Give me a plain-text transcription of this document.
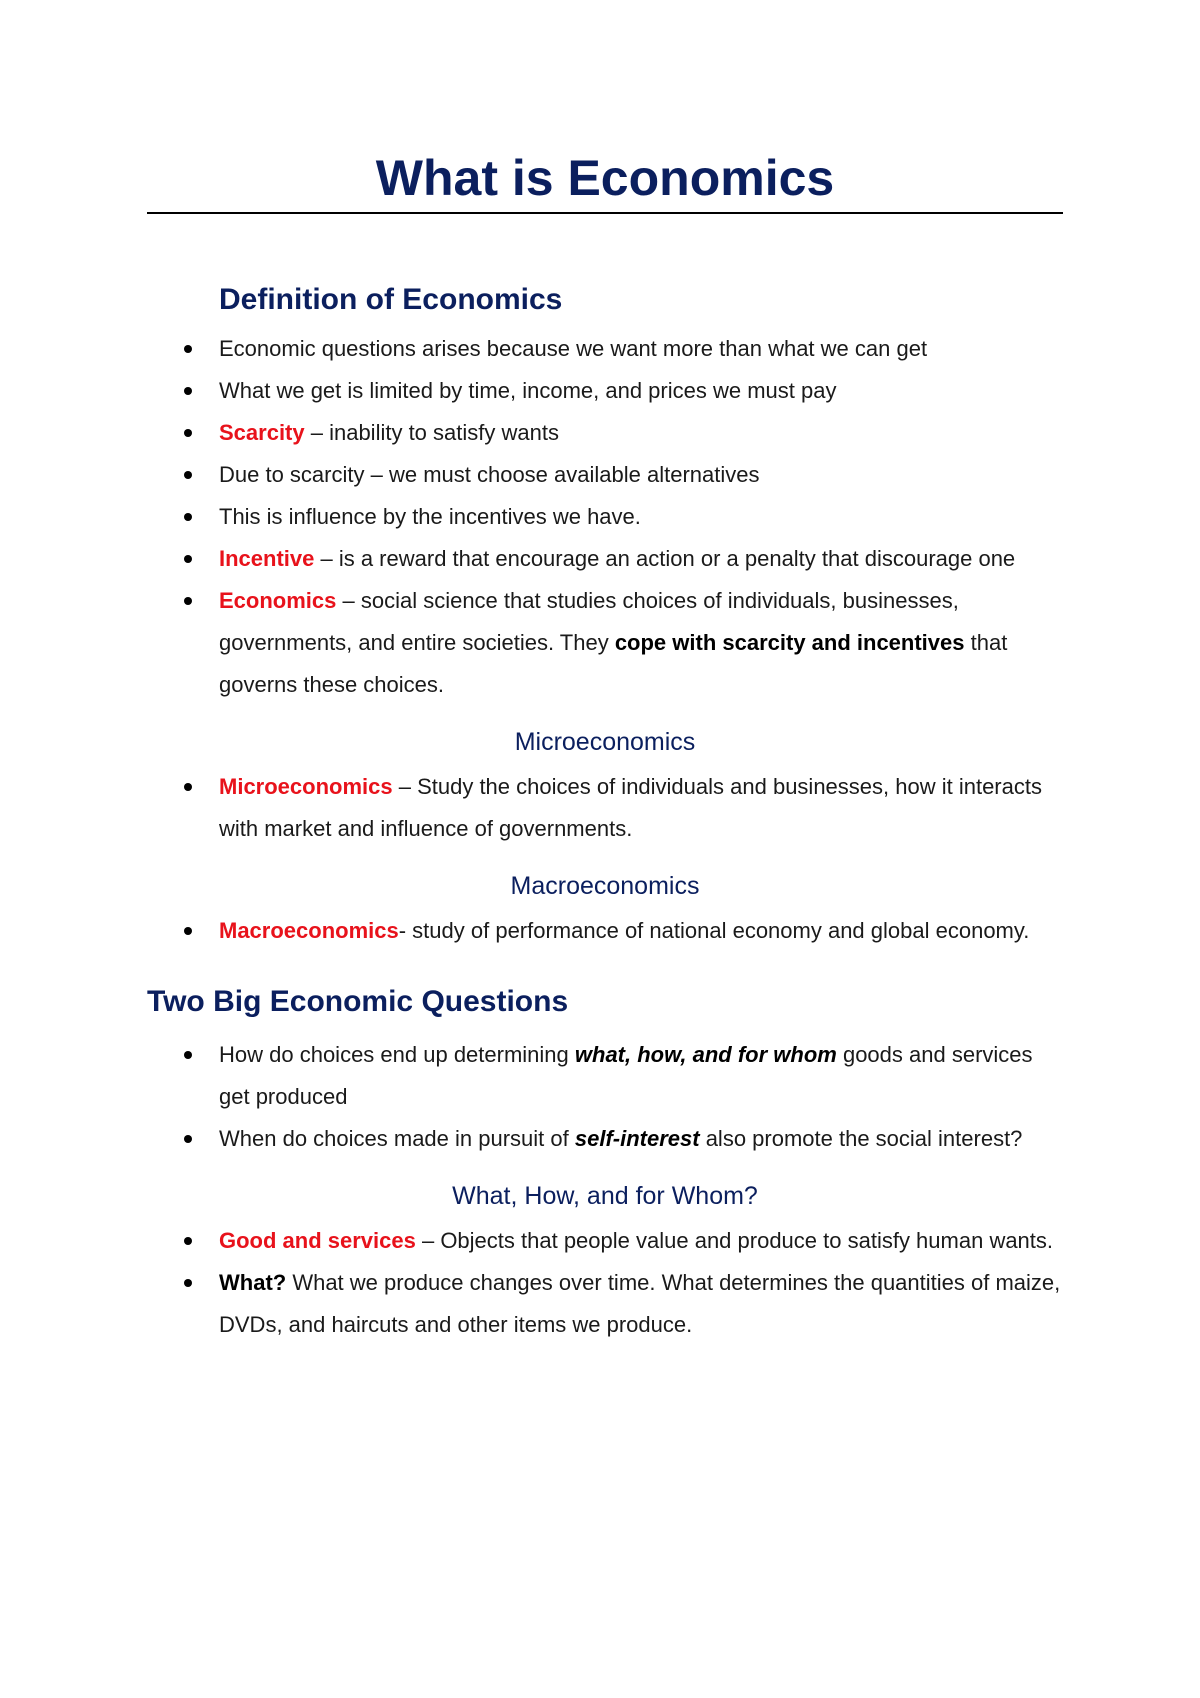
What is Economics
Definition of Economics
Economic questions arises because we want more than what we can get
What we get is limited by time, income, and prices we must pay
Scarcity – inability to satisfy wants
Due to scarcity – we must choose available alternatives
This is influence by the incentives we have.
Incentive – is a reward that encourage an action or a penalty that discourage one
Economics – social science that studies choices of individuals, businesses, governments, and entire societies. They cope with scarcity and incentives that governs these choices.
Microeconomics
Microeconomics – Study the choices of individuals and businesses, how it interacts with market and influence of governments.
Macroeconomics
Macroeconomics- study of performance of national economy and global economy.
Two Big Economic Questions
How do choices end up determining what, how, and for whom goods and services get produced
When do choices made in pursuit of self-interest also promote the social interest?
What, How, and for Whom?
Good and services – Objects that people value and produce to satisfy human wants.
What? What we produce changes over time. What determines the quantities of maize, DVDs, and haircuts and other items we produce.
